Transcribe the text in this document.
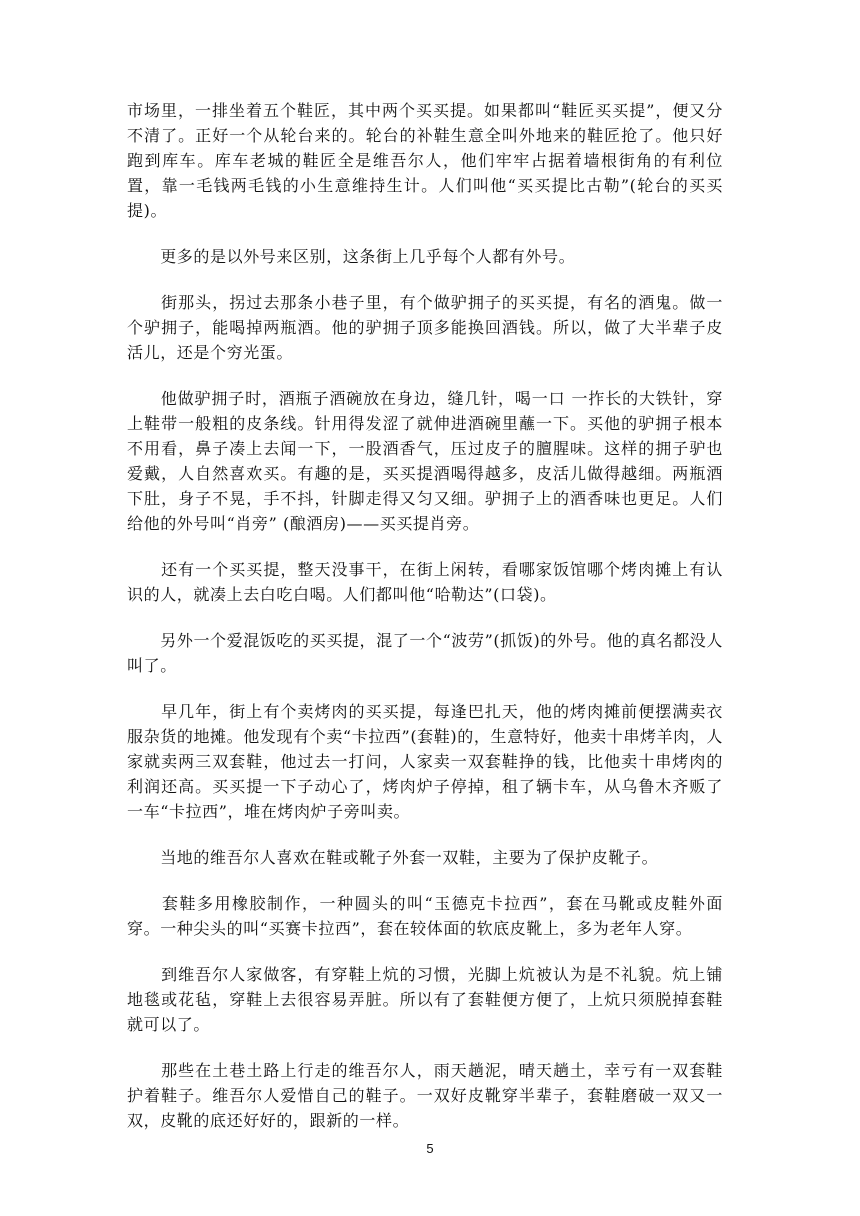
市场里，一排坐着五个鞋匠，其中两个买买提。如果都叫“鞋匠买买提”，便又分不清了。正好一个从轮台来的。轮台的补鞋生意全叫外地来的鞋匠抢了。他只好跑到库车。库车老城的鞋匠全是维吾尔人，他们牢牢占据着墙根街角的有利位置，靠一毛钱两毛钱的小生意维持生计。人们叫他“买买提比古勒”(轮台的买买提)。

　　更多的是以外号来区别，这条街上几乎每个人都有外号。

　　街那头，拐过去那条小巷子里，有个做驴拥子的买买提，有名的酒鬼。做一个驴拥子，能喝掉两瓶酒。他的驴拥子顶多能换回酒钱。所以，做了大半辈子皮活儿，还是个穷光蛋。

　　他做驴拥子时，酒瓶子酒碗放在身边，缝几针，喝一口 一拃长的大铁针，穿上鞋带一般粗的皮条线。针用得发涩了就伸进酒碗里蘸一下。买他的驴拥子根本不用看，鼻子凑上去闻一下，一股酒香气，压过皮子的膻腥味。这样的拥子驴也爱戴，人自然喜欢买。有趣的是，买买提酒喝得越多，皮活儿做得越细。两瓶酒下肚，身子不晃，手不抖，针脚走得又匀又细。驴拥子上的酒香味也更足。人们给他的外号叫“肖旁” (酿酒房)——买买提肖旁。

　　还有一个买买提，整天没事干，在街上闲转，看哪家饭馆哪个烤肉摊上有认识的人，就凑上去白吃白喝。人们都叫他“哈勒达”(口袋)。

　　另外一个爱混饭吃的买买提，混了一个“波劳”(抓饭)的外号。他的真名都没人叫了。

　　早几年，街上有个卖烤肉的买买提，每逢巴扎天，他的烤肉摊前便摆满卖衣服杂货的地摊。他发现有个卖“卡拉西”(套鞋)的，生意特好，他卖十串烤羊肉，人家就卖两三双套鞋，他过去一打问，人家卖一双套鞋挣的钱，比他卖十串烤肉的利润还高。买买提一下子动心了，烤肉炉子停掉，租了辆卡车，从乌鲁木齐贩了一车“卡拉西”，堆在烤肉炉子旁叫卖。

　　当地的维吾尔人喜欢在鞋或靴子外套一双鞋，主要为了保护皮靴子。

　　套鞋多用橡胶制作，一种圆头的叫“玉德克卡拉西”，套在马靴或皮鞋外面穿。一种尖头的叫“买赛卡拉西”，套在较体面的软底皮靴上，多为老年人穿。

　　到维吾尔人家做客，有穿鞋上炕的习惯，光脚上炕被认为是不礼貌。炕上铺地毯或花毡，穿鞋上去很容易弄脏。所以有了套鞋便方便了，上炕只须脱掉套鞋就可以了。

　　那些在土巷土路上行走的维吾尔人，雨天趟泥，晴天趟土，幸亏有一双套鞋护着鞋子。维吾尔人爱惜自己的鞋子。一双好皮靴穿半辈子，套鞋磨破一双又一双，皮靴的底还好好的，跟新的一样。

5
